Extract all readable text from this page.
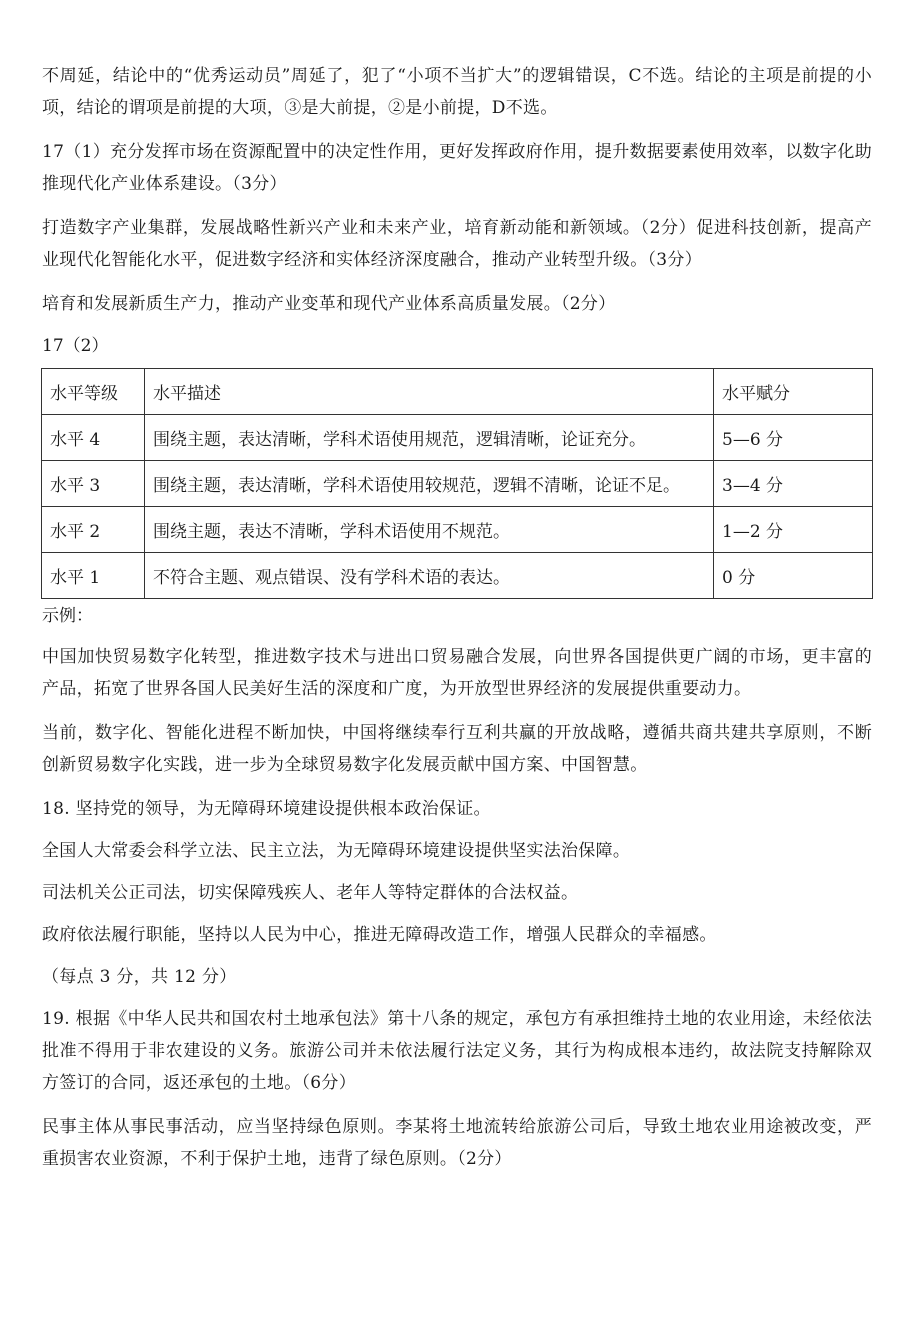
不周延，结论中的“优秀运动员”周延了，犯了“小项不当扩大”的逻辑错误，C不选。结论的主项是前提的小项，结论的谓项是前提的大项，③是大前提，②是小前提，D不选。

17（1）充分发挥市场在资源配置中的决定性作用，更好发挥政府作用，提升数据要素使用效率，以数字化助推现代化产业体系建设。（3分）

打造数字产业集群，发展战略性新兴产业和未来产业，培育新动能和新领域。（2分）促进科技创新，提高产业现代化智能化水平，促进数字经济和实体经济深度融合，推动产业转型升级。（3分）

培育和发展新质生产力，推动产业变革和现代产业体系高质量发展。（2分）

17（2）

水平等级	水平描述	水平赋分
水平 4	围绕主题，表达清晰，学科术语使用规范，逻辑清晰，论证充分。	5—6 分
水平 3	围绕主题，表达清晰，学科术语使用较规范，逻辑不清晰，论证不足。	3—4 分
水平 2	围绕主题，表达不清晰，学科术语使用不规范。	1—2 分
水平 1	不符合主题、观点错误、没有学科术语的表达。	0 分

示例：

中国加快贸易数字化转型，推进数字技术与进出口贸易融合发展，向世界各国提供更广阔的市场，更丰富的产品，拓宽了世界各国人民美好生活的深度和广度，为开放型世界经济的发展提供重要动力。

当前，数字化、智能化进程不断加快，中国将继续奉行互利共赢的开放战略，遵循共商共建共享原则，不断创新贸易数字化实践，进一步为全球贸易数字化发展贡献中国方案、中国智慧。

18. 坚持党的领导，为无障碍环境建设提供根本政治保证。

全国人大常委会科学立法、民主立法，为无障碍环境建设提供坚实法治保障。

司法机关公正司法，切实保障残疾人、老年人等特定群体的合法权益。

政府依法履行职能，坚持以人民为中心，推进无障碍改造工作，增强人民群众的幸福感。

（每点 3 分，共 12 分）

19. 根据《中华人民共和国农村土地承包法》第十八条的规定，承包方有承担维持土地的农业用途，未经依法批准不得用于非农建设的义务。旅游公司并未依法履行法定义务，其行为构成根本违约，故法院支持解除双方签订的合同，返还承包的土地。（6分）

民事主体从事民事活动，应当坚持绿色原则。李某将土地流转给旅游公司后，导致土地农业用途被改变，严重损害农业资源，不利于保护土地，违背了绿色原则。（2分）
